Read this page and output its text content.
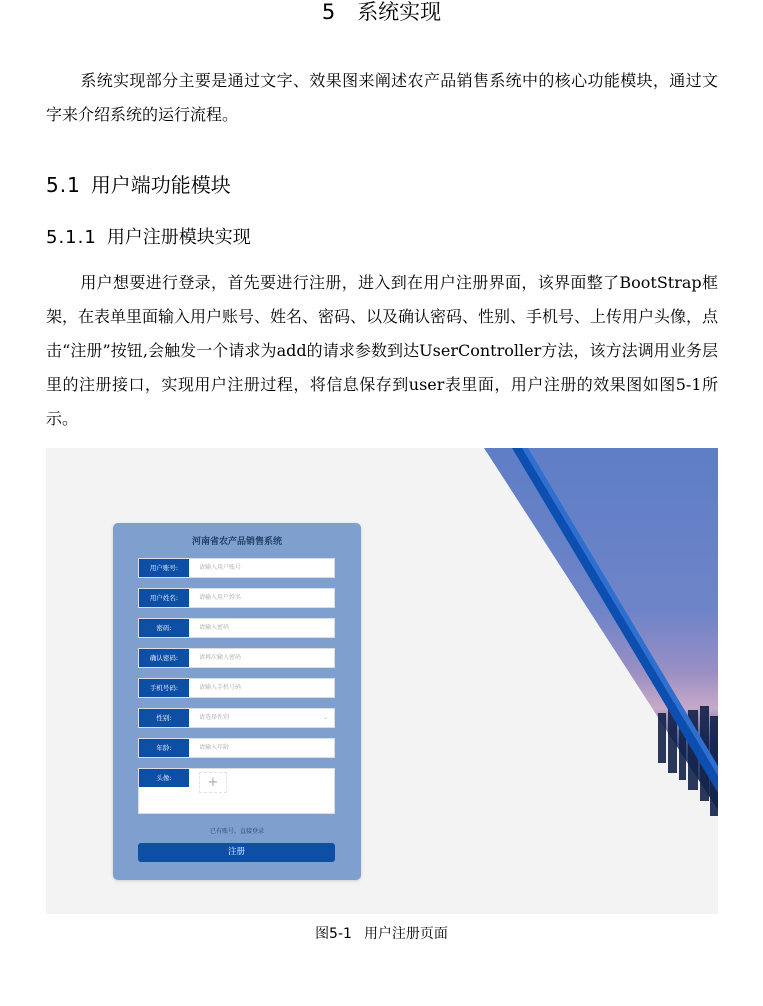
5 系统实现
系统实现部分主要是通过文字、效果图来阐述农产品销售系统中的核心功能模块，通过文字来介绍系统的运行流程。
5.1 用户端功能模块
5.1.1 用户注册模块实现
用户想要进行登录，首先要进行注册，进入到在用户注册界面，该界面整了BootStrap框架，在表单里面输入用户账号、姓名、密码、以及确认密码、性别、手机号、上传用户头像，点击“注册”按钮,会触发一个请求为add的请求参数到达UserController方法，该方法调用业务层里的注册接口，实现用户注册过程，将信息保存到user表里面，用户注册的效果图如图5-1所示。
河南省农产品销售系统
用户账号:	请输入用户账号
用户姓名:	请输入用户姓名
密码:	请输入密码
确认密码:	请再次输入密码
手机号码:	请输入手机号码
性别:	请选择性别	⌄
年龄:	请输入年龄
头像:	+
已有账号，直接登录
注册
图5-1 用户注册页面
